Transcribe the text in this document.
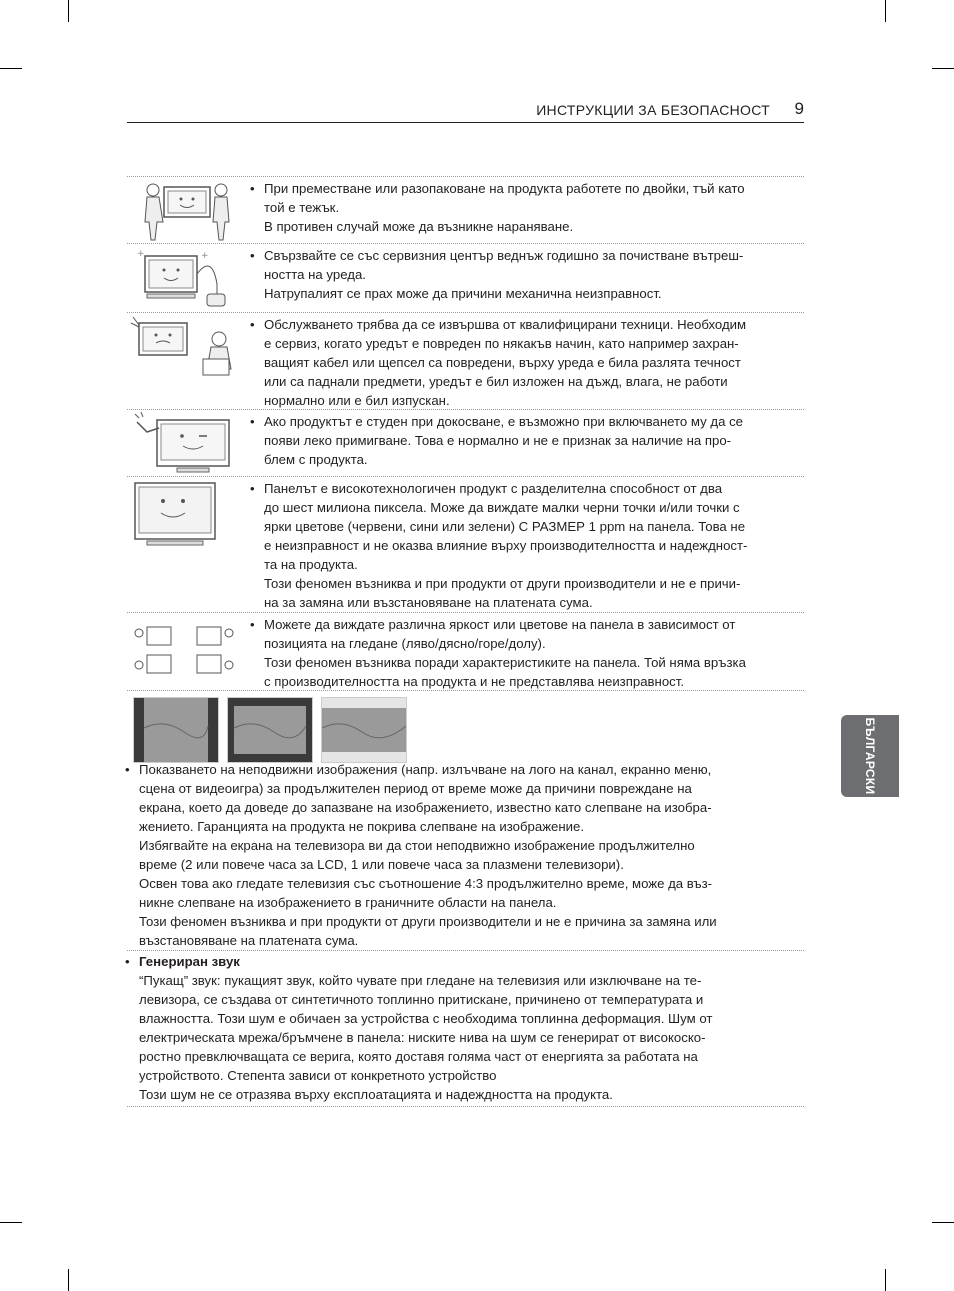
ИНСТРУКЦИИ ЗА БЕЗОПАСНОСТ 9
БЪЛГАРСКИ
• При преместване или разопаковане на продукта работете по двойки, тъй като
той е тежък.
В противен случай може да възникне нараняване.
+	+	• Свързвайте се със сервизния център веднъж годишно за почистване вътреш-
ността на уреда.
Натрупалият се прах може да причини механична неизправност.
• Обслужването трябва да се извършва от квалифицирани техници. Необходим
е сервиз, когато уредът е повреден по някакъв начин, като например захран-
ващият кабел или щепсел са повредени, върху уреда е била разлята течност
или са паднали предмети, уредът е бил изложен на дъжд, влага, не работи
нормално или е бил изпускан.
• Ако продуктът е студен при докосване, е възможно при включването му да се
появи леко примигване. Това е нормално и не е признак за наличие на про-
блем с продукта.
• Панелът е високотехнологичен продукт с разделителна способност от два
до шест милиона пиксела. Може да виждате малки черни точки и/или точки с
ярки цветове (червени, сини или зелени) С РАЗМЕР 1 ppm на панела. Това не
е неизправност и не оказва влияние върху производителността и надеждност-
та на продукта.
Този феномен възниква и при продукти от други производители и не е причи-
на за замяна или възстановяване на платената сума.
• Можете да виждате различна яркост или цветове на панела в зависимост от
позицията на гледане (ляво/дясно/горе/долу).
Този феномен възниква поради характеристиките на панела. Той няма връзка
с производителността на продукта и не представлява неизправност.
• Показването на неподвижни изображения (напр. излъчване на лого на канал, екранно меню,
сцена от видеоигра) за продължителен период от време може да причини повреждане на
екрана, което да доведе до запазване на изображението, известно като слепване на изобра-
жението. Гаранцията на продукта не покрива слепване на изображение.
Избягвайте на екрана на телевизора ви да стои неподвижно изображение продължително
време (2 или повече часа за LCD, 1 или повече часа за плазмени телевизори).
Освен това ако гледате телевизия със съотношение 4:3 продължително време, може да въз-
никне слепване на изображението в граничните области на панела.
Този феномен възниква и при продукти от други производители и не е причина за замяна или
възстановяване на платената сума.
• Генериран звук
“Пукащ” звук: пукащият звук, който чувате при гледане на телевизия или изключване на те-
левизора, се създава от синтетичното топлинно притискане, причинено от температурата и
влажността. Този шум е обичаен за устройства с необходима топлинна деформация. Шум от
електрическата мрежа/бръмчене в панела: ниските нива на шум се генерират от високоско-
ростно превключващата се верига, която доставя голяма част от енергията за работата на
устройството. Степента зависи от конкретното устройство
Този шум не се отразява върху експлоатацията и надеждността на продукта.
